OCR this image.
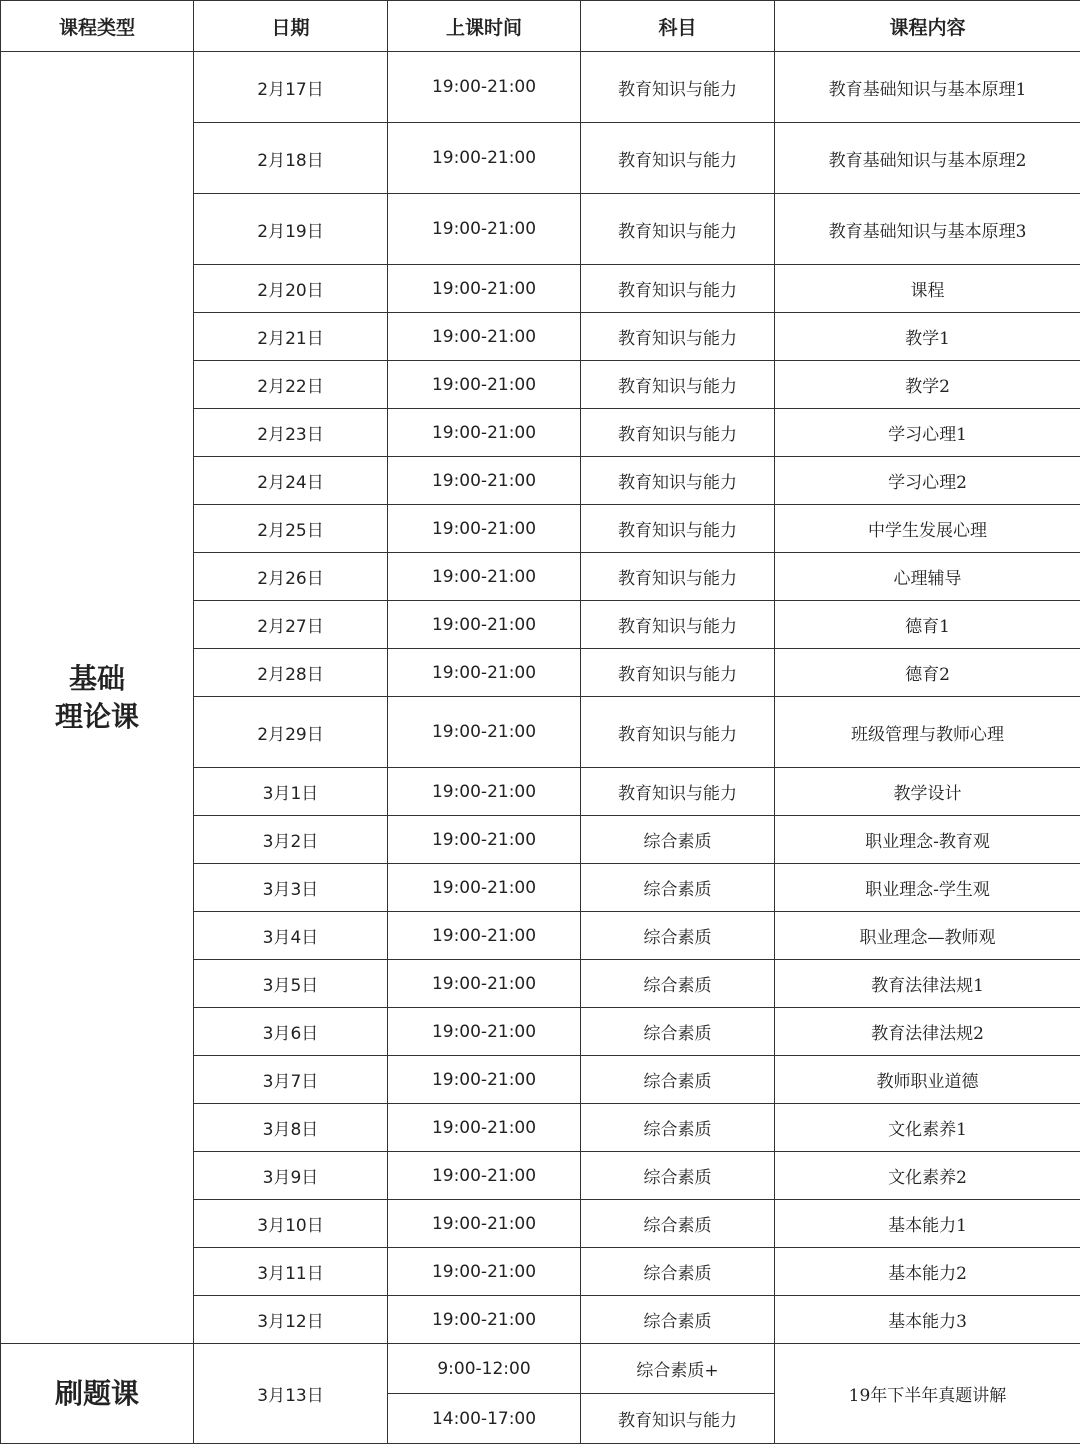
课程类型	日期	上课时间	科目	课程内容

基础
理论课	2月17日	19:00-21:00	教育知识与能力	教育基础知识与基本原理1
	2月18日	19:00-21:00	教育知识与能力	教育基础知识与基本原理2
	2月19日	19:00-21:00	教育知识与能力	教育基础知识与基本原理3
	2月20日	19:00-21:00	教育知识与能力	课程
	2月21日	19:00-21:00	教育知识与能力	教学1
	2月22日	19:00-21:00	教育知识与能力	教学2
	2月23日	19:00-21:00	教育知识与能力	学习心理1
	2月24日	19:00-21:00	教育知识与能力	学习心理2
	2月25日	19:00-21:00	教育知识与能力	中学生发展心理
	2月26日	19:00-21:00	教育知识与能力	心理辅导
	2月27日	19:00-21:00	教育知识与能力	德育1
	2月28日	19:00-21:00	教育知识与能力	德育2
	2月29日	19:00-21:00	教育知识与能力	班级管理与教师心理
	3月1日	19:00-21:00	教育知识与能力	教学设计
	3月2日	19:00-21:00	综合素质	职业理念-教育观
	3月3日	19:00-21:00	综合素质	职业理念-学生观
	3月4日	19:00-21:00	综合素质	职业理念—教师观
	3月5日	19:00-21:00	综合素质	教育法律法规1
	3月6日	19:00-21:00	综合素质	教育法律法规2
	3月7日	19:00-21:00	综合素质	教师职业道德
	3月8日	19:00-21:00	综合素质	文化素养1
	3月9日	19:00-21:00	综合素质	文化素养2
	3月10日	19:00-21:00	综合素质	基本能力1
	3月11日	19:00-21:00	综合素质	基本能力2
	3月12日	19:00-21:00	综合素质	基本能力3
刷题课	3月13日	9:00-12:00	综合素质+	19年下半年真题讲解
		14:00-17:00	教育知识与能力	
